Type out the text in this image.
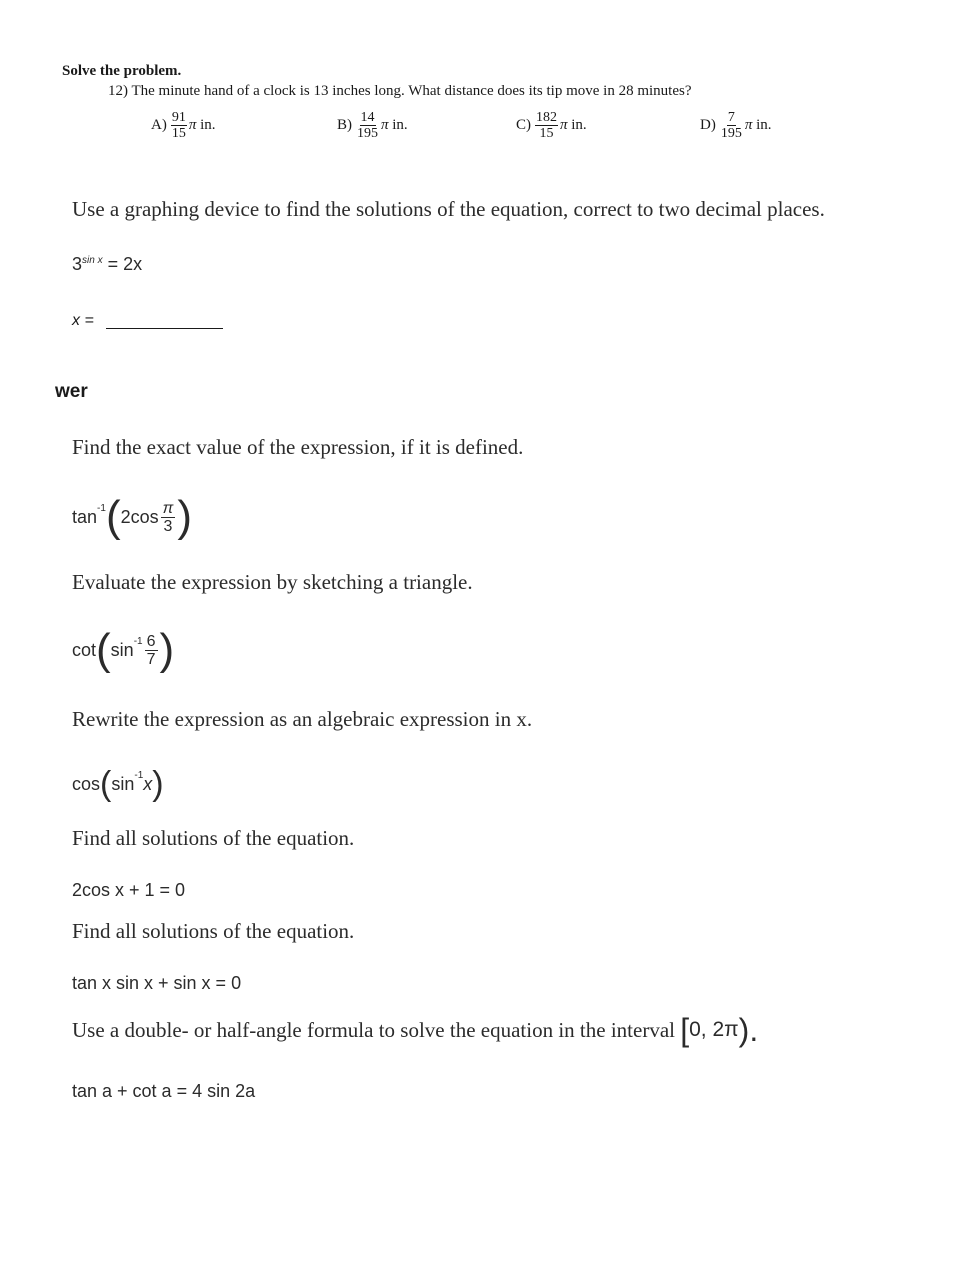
Solve the problem.
12) The minute hand of a clock is 13 inches long. What distance does its tip move in 28 minutes?
$A) \frac{91}{15}$ π
in.	$B) \frac{14}{195}$ π
in.	$C) \frac{182}{15}$ π
in.	$D) \frac{7}{195}$ π
in.
Use a graphing device to find the solutions of the equation, correct to two decimal places.
$3^{sin x} = 2x$
x =
wer
Find the exact value of the expression, if it is defined.
tan -1 ( $2\cos \frac{\pi}{3}$ )
Evaluate the expression by sketching a triangle.
cot ( $\sin -1 \frac{6}{7}$ )
Rewrite the expression as an algebraic expression in x.
cos ( sin -1 x )
Find all solutions of the equation.
2cos x + 1 = 0
Find all solutions of the equation.
tan x sin x + sin x = 0
Use a double- or half-angle formula to solve the equation in the interval
[ 0, 2π ).
tan a + cot a = 4 sin 2a
